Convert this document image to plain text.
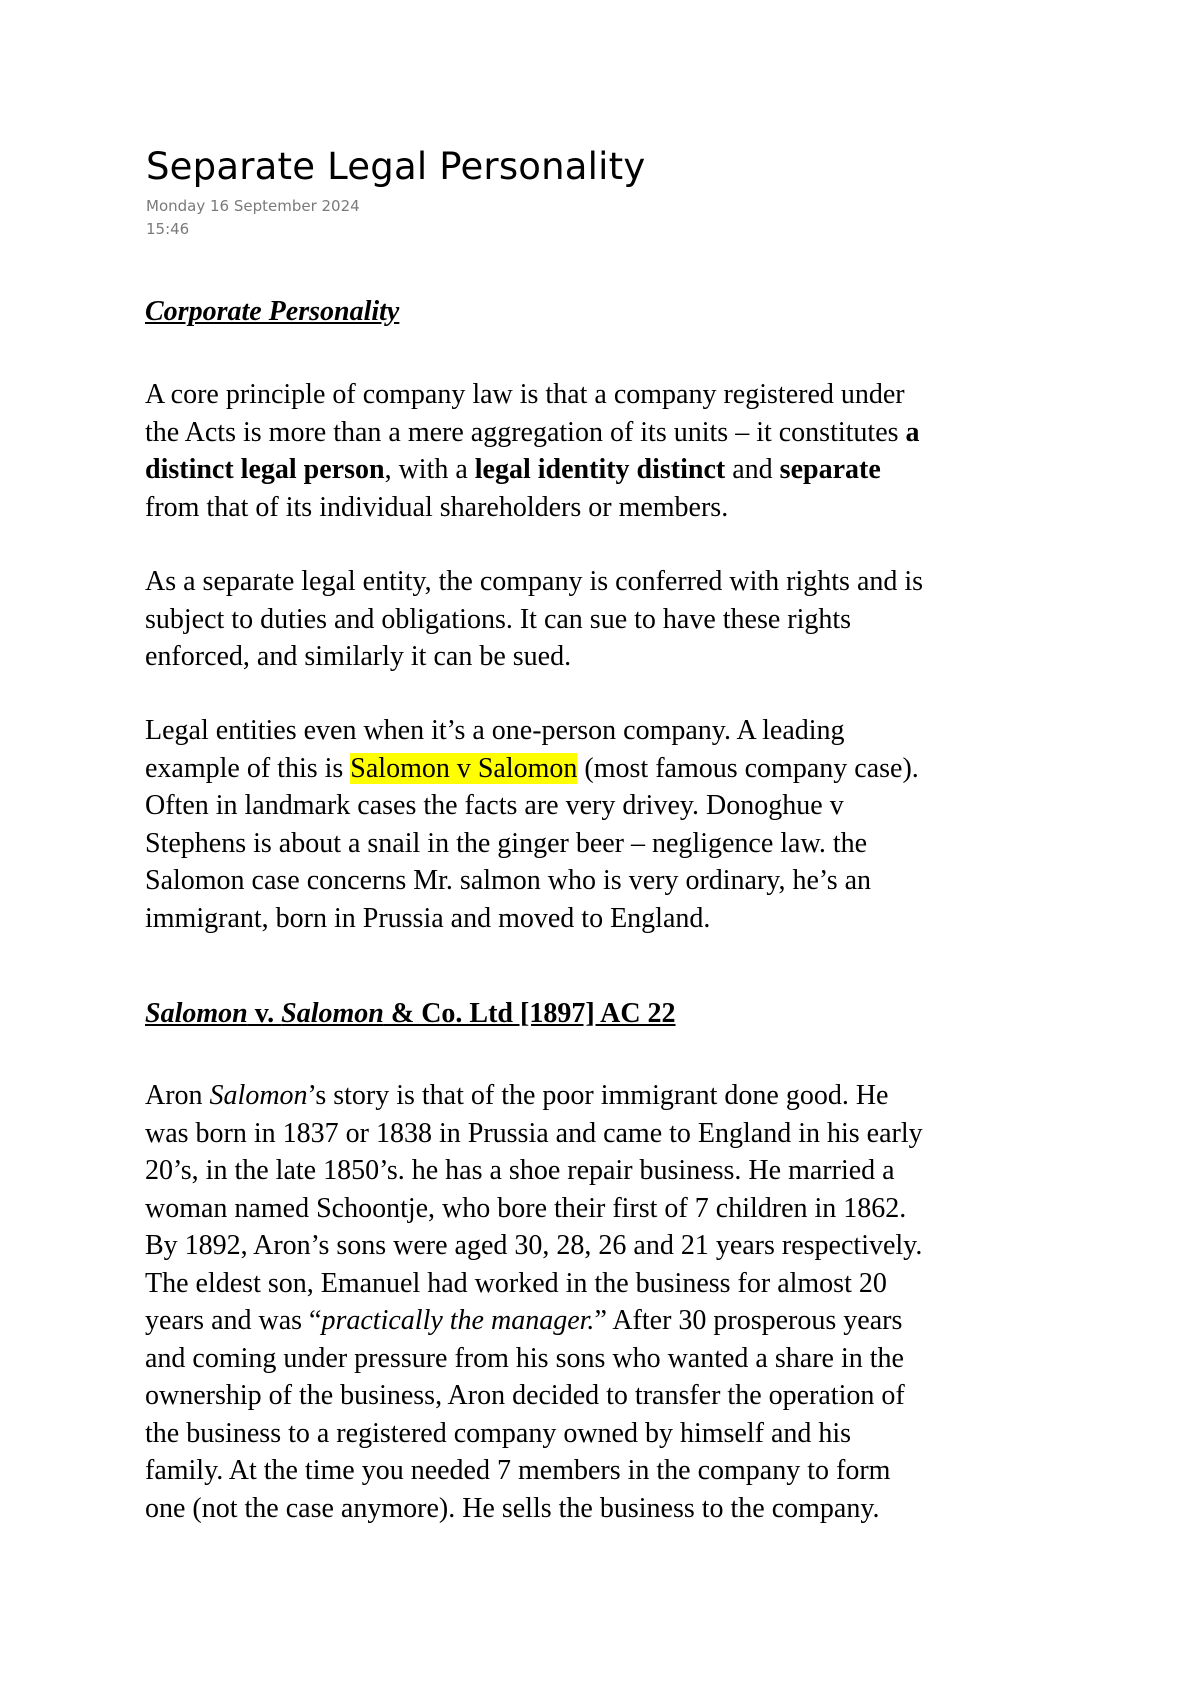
Separate Legal Personality
Monday 16 September 2024
15:46
Corporate Personality
A core principle of company law is that a company registered under
the Acts is more than a mere aggregation of its units – it constitutes a
distinct legal person, with a legal identity distinct and separate
from that of its individual shareholders or members.
As a separate legal entity, the company is conferred with rights and is
subject to duties and obligations. It can sue to have these rights
enforced, and similarly it can be sued.
Legal entities even when it’s a one-person company. A leading
example of this is Salomon v Salomon (most famous company case).
Often in landmark cases the facts are very drivey. Donoghue v
Stephens is about a snail in the ginger beer – negligence law. the
Salomon case concerns Mr. salmon who is very ordinary, he’s an
immigrant, born in Prussia and moved to England.
Salomon v. Salomon & Co. Ltd [1897] AC 22
Aron Salomon’s story is that of the poor immigrant done good. He
was born in 1837 or 1838 in Prussia and came to England in his early
20’s, in the late 1850’s. he has a shoe repair business. He married a
woman named Schoontje, who bore their first of 7 children in 1862.
By 1892, Aron’s sons were aged 30, 28, 26 and 21 years respectively.
The eldest son, Emanuel had worked in the business for almost 20
years and was “practically the manager.” After 30 prosperous years
and coming under pressure from his sons who wanted a share in the
ownership of the business, Aron decided to transfer the operation of
the business to a registered company owned by himself and his
family. At the time you needed 7 members in the company to form
one (not the case anymore). He sells the business to the company.
